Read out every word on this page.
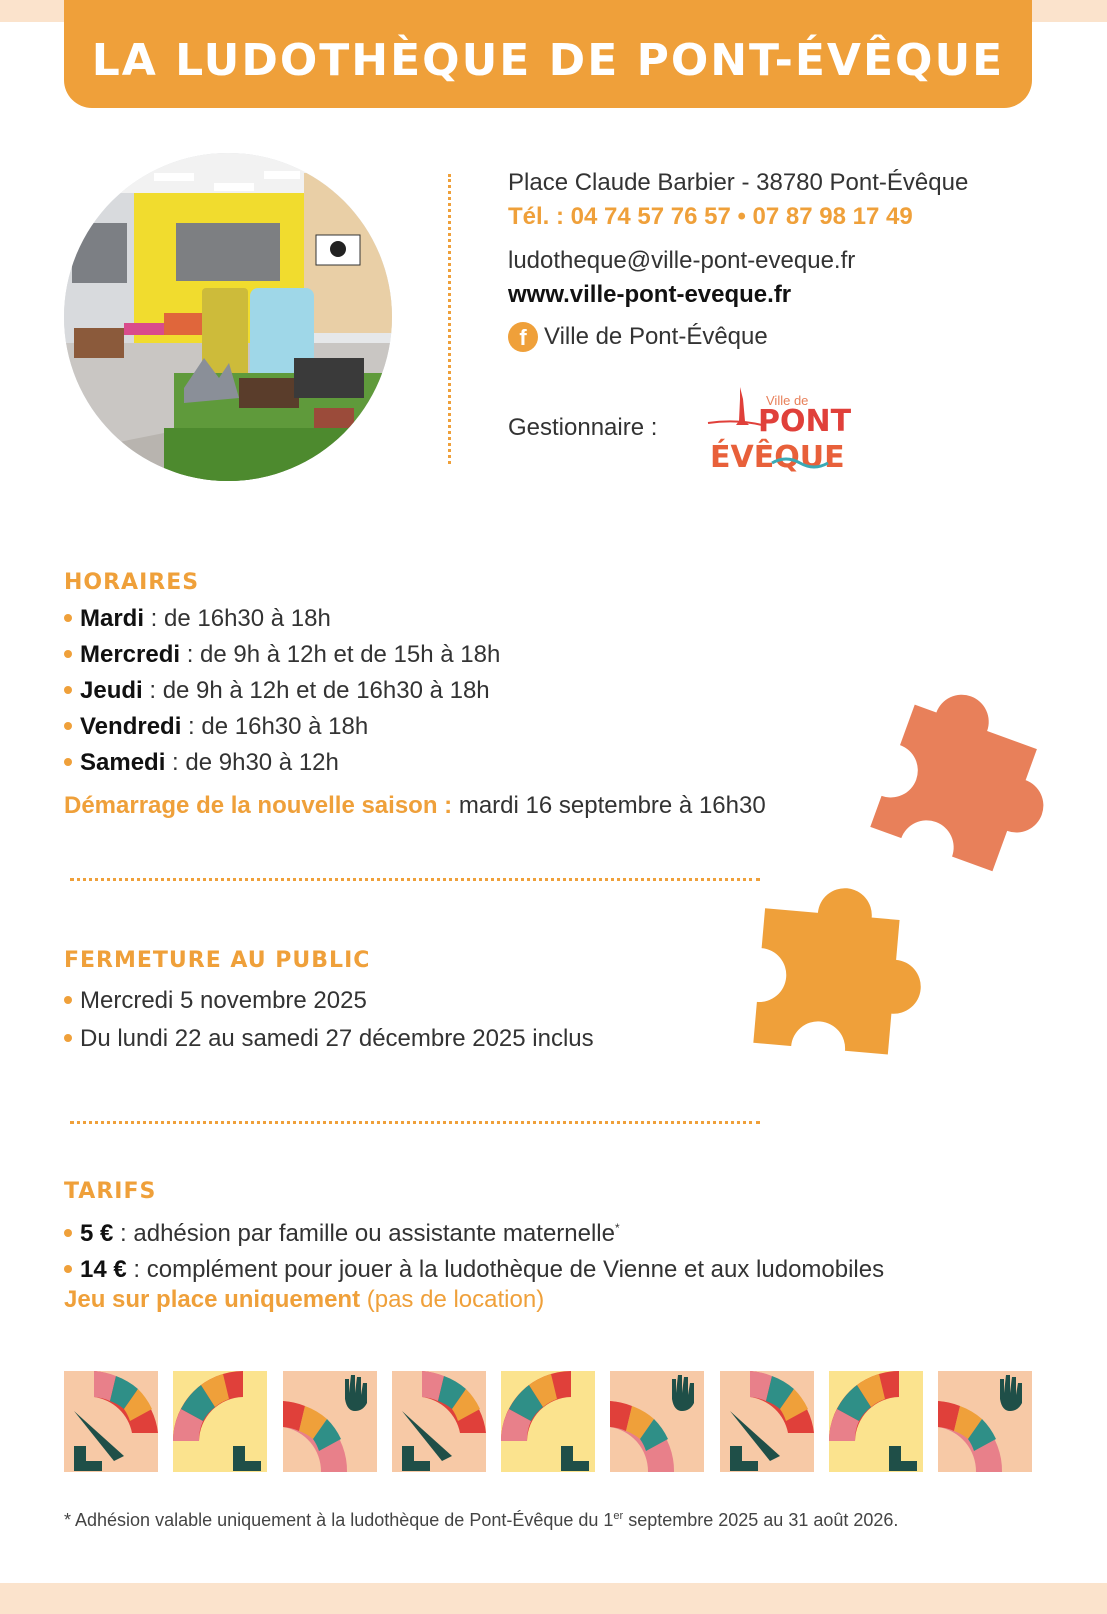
LA LUDOTHÈQUE DE PONT-ÉVÊQUE
Place Claude Barbier - 38780 Pont-Évêque
Tél. : 04 74 57 76 57 • 07 87 98 17 49
ludotheque@ville-pont-eveque.fr
www.ville-pont-eveque.fr
f Ville de Pont-Évêque
Gestionnaire :
Ville de
PONT
ÉVÊQUE
HORAIRES
Mardi : de 16h30 à 18h
Mercredi : de 9h à 12h et de 15h à 18h
Jeudi : de 9h à 12h et de 16h30 à 18h
Vendredi : de 16h30 à 18h
Samedi : de 9h30 à 12h
Démarrage de la nouvelle saison : mardi 16 septembre à 16h30
FERMETURE AU PUBLIC
Mercredi 5 novembre 2025
Du lundi 22 au samedi 27 décembre 2025 inclus
TARIFS
5 € : adhésion par famille ou assistante maternelle*
14 € : complément pour jouer à la ludothèque de Vienne et aux ludomobiles
Jeu sur place uniquement (pas de location)
* Adhésion valable uniquement à la ludothèque de Pont-Évêque du 1er septembre 2025 au 31 août 2026.
